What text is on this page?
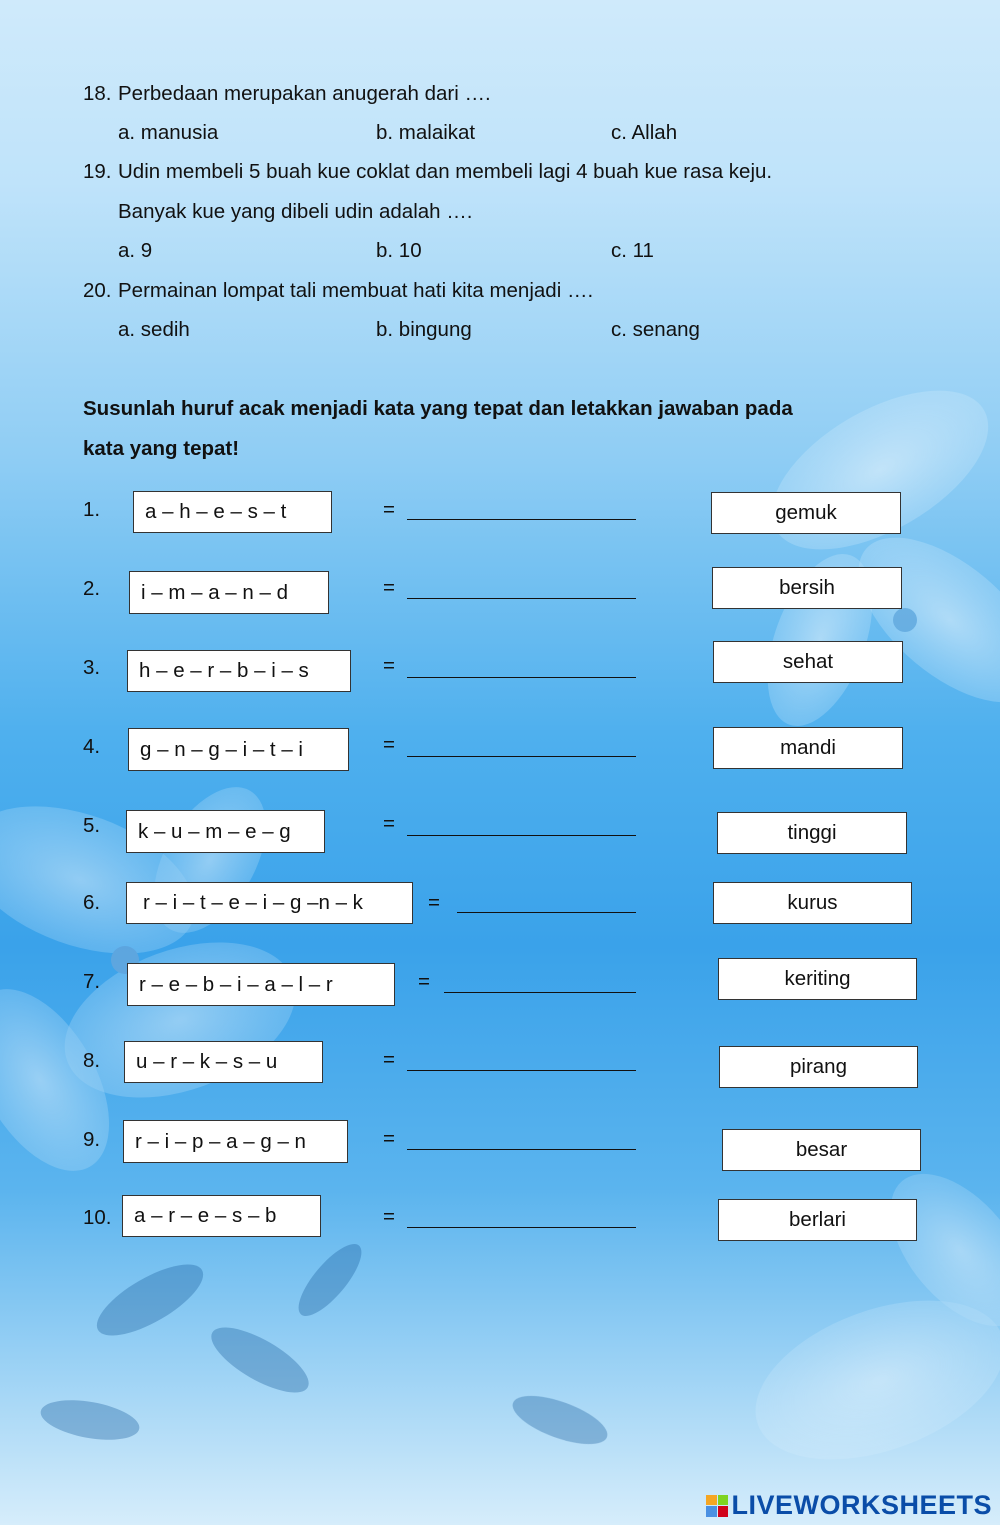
18. Perbedaan merupakan anugerah dari ….
a. manusia	b. malaikat	c. Allah
19. Udin membeli 5 buah kue coklat dan membeli lagi 4 buah kue rasa keju.
Banyak kue yang dibeli udin adalah ….
a. 9	b. 10	c. 11
20. Permainan lompat tali membuat hati kita menjadi ….
a. sedih	b. bingung	c. senang
Susunlah huruf acak menjadi kata yang tepat dan letakkan jawaban pada
kata yang tepat!
1.	a – h – e – s – t	=	gemuk
2.	i – m – a – n – d	=	bersih
3.	h – e – r – b – i – s	=	sehat
4.	g – n – g – i – t – i	=	mandi
5.	k – u – m – e – g	=	tinggi
6.	r – i – t – e – i – g –n – k	=	kurus
7.	r – e – b – i – a – l – r	=	keriting
8.	u – r – k – s – u	=	pirang
9.	r – i – p – a – g – n	=	besar
10.	a – r – e – s – b	=	berlari
LIVEWORKSHEETS
